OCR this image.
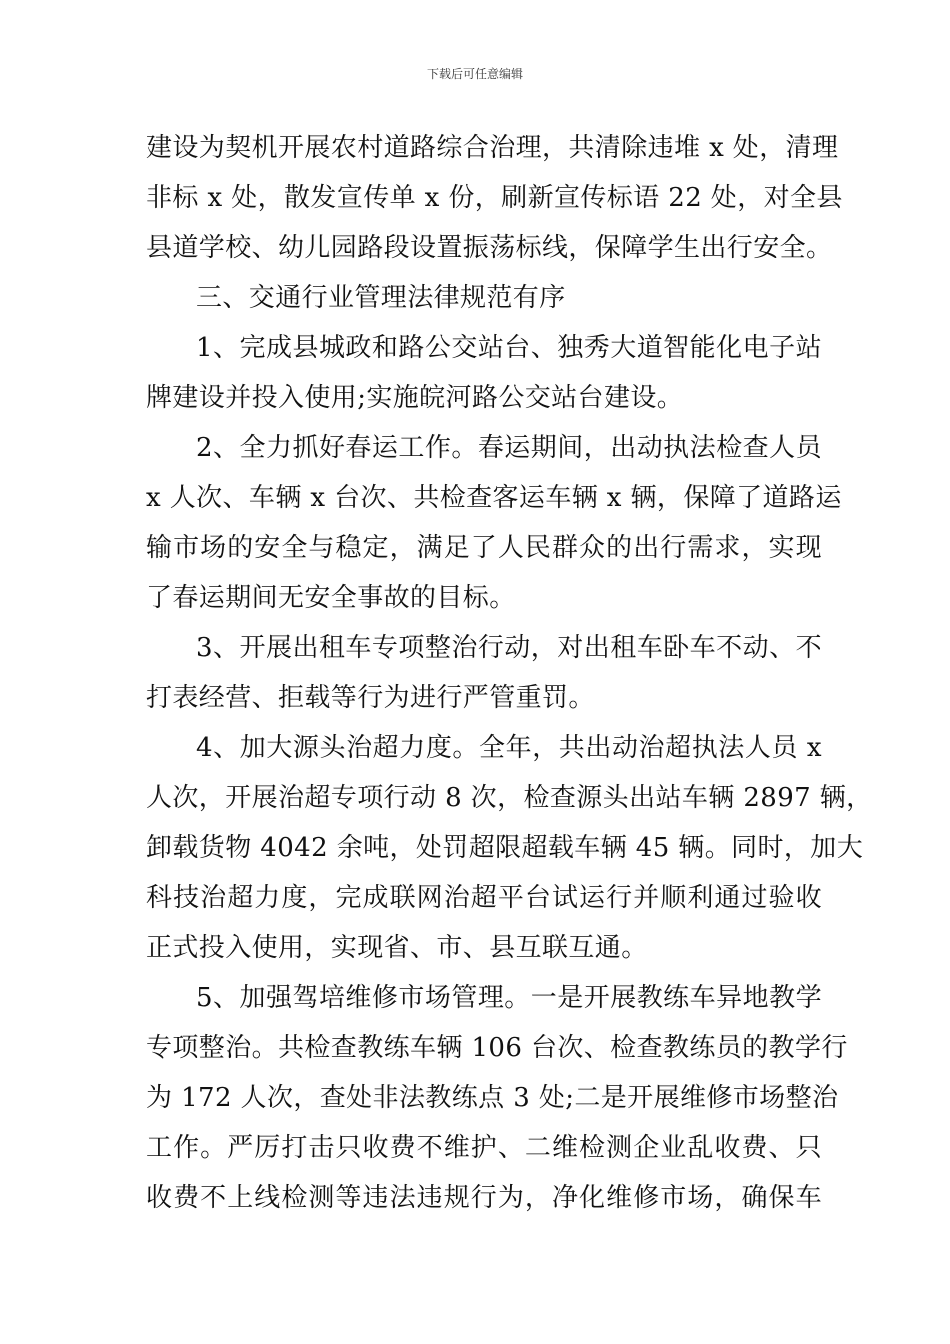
下载后可任意编辑
建设为契机开展农村道路综合治理，共清除违堆 x 处，清理
非标 x 处，散发宣传单 x 份，刷新宣传标语 22 处，对全县
县道学校、幼儿园路段设置振荡标线，保障学生出行安全。
三、交通行业管理法律规范有序
1、完成县城政和路公交站台、独秀大道智能化电子站
牌建设并投入使用;实施皖河路公交站台建设。
2、全力抓好春运工作。春运期间，出动执法检查人员
x 人次、车辆 x 台次、共检查客运车辆 x 辆，保障了道路运
输市场的安全与稳定，满足了人民群众的出行需求，实现
了春运期间无安全事故的目标。
3、开展出租车专项整治行动，对出租车卧车不动、不
打表经营、拒载等行为进行严管重罚。
4、加大源头治超力度。全年，共出动治超执法人员 x
人次，开展治超专项行动 8 次，检查源头出站车辆 2897 辆，
卸载货物 4042 余吨，处罚超限超载车辆 45 辆。同时，加大
科技治超力度，完成联网治超平台试运行并顺利通过验收
正式投入使用，实现省、市、县互联互通。
5、加强驾培维修市场管理。一是开展教练车异地教学
专项整治。共检查教练车辆 106 台次、检查教练员的教学行
为 172 人次，查处非法教练点 3 处;二是开展维修市场整治
工作。严厉打击只收费不维护、二维检测企业乱收费、只
收费不上线检测等违法违规行为，净化维修市场，确保车
